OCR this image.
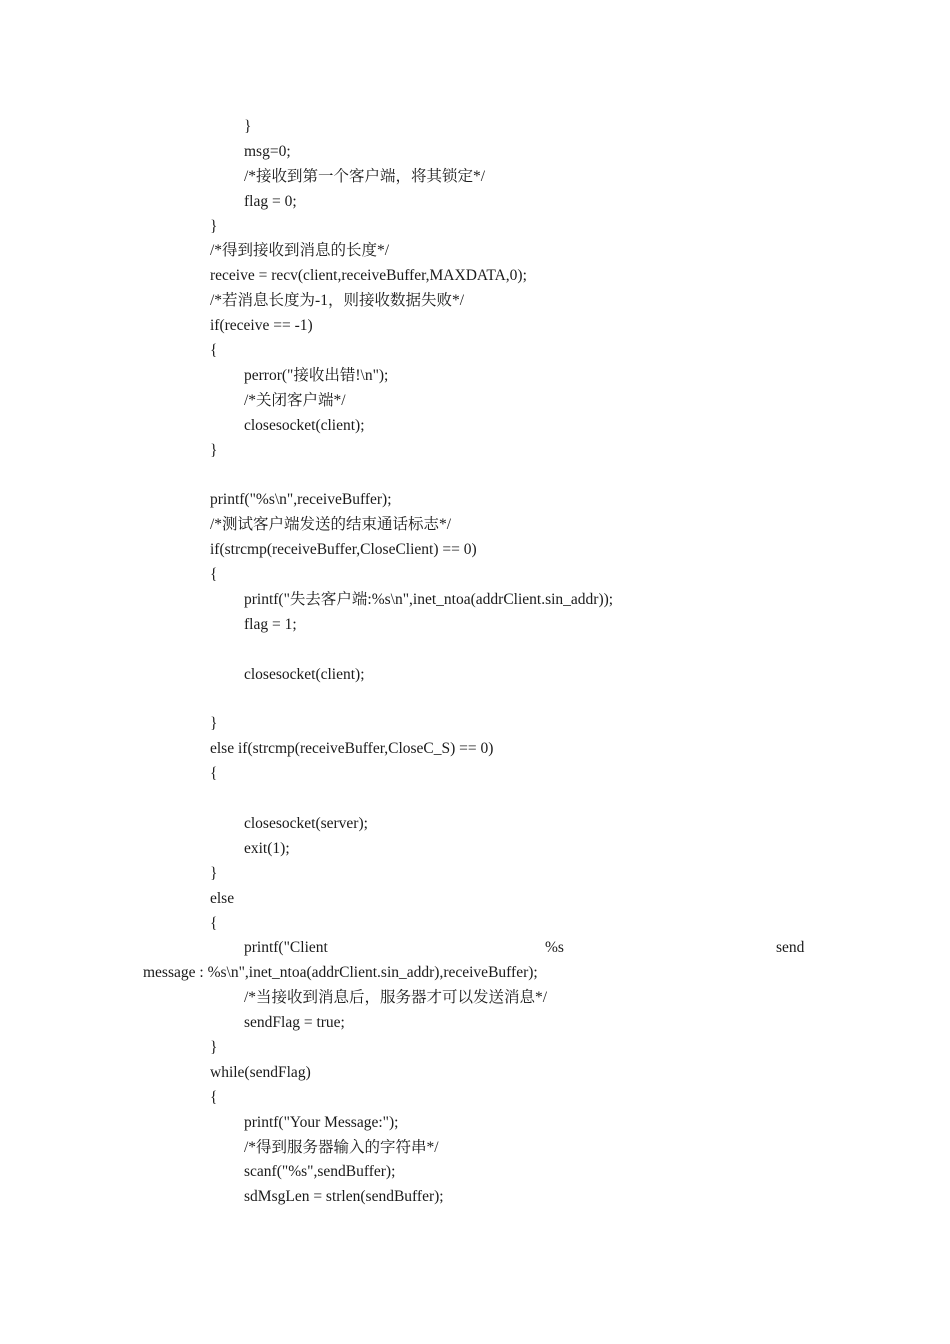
}
msg=0;
/*接收到第一个客户端，将其锁定*/
flag = 0;
}
/*得到接收到消息的长度*/
receive = recv(client,receiveBuffer,MAXDATA,0);
/*若消息长度为-1，则接收数据失败*/
if(receive == -1)
{
perror("接收出错!\n");
/*关闭客户端*/
closesocket(client);
}
printf("%s\n",receiveBuffer);
/*测试客户端发送的结束通话标志*/
if(strcmp(receiveBuffer,CloseClient) == 0)
{
printf("失去客户端:%s\n",inet_ntoa(addrClient.sin_addr));
flag = 1;
closesocket(client);
}
else if(strcmp(receiveBuffer,CloseC_S) == 0)
{
closesocket(server);
exit(1);
}
else
{
printf("Client	%s	send
message : %s\n",inet_ntoa(addrClient.sin_addr),receiveBuffer);
/*当接收到消息后，服务器才可以发送消息*/
sendFlag = true;
}
while(sendFlag)
{
printf("Your Message:");
/*得到服务器输入的字符串*/
scanf("%s",sendBuffer);
sdMsgLen = strlen(sendBuffer);
